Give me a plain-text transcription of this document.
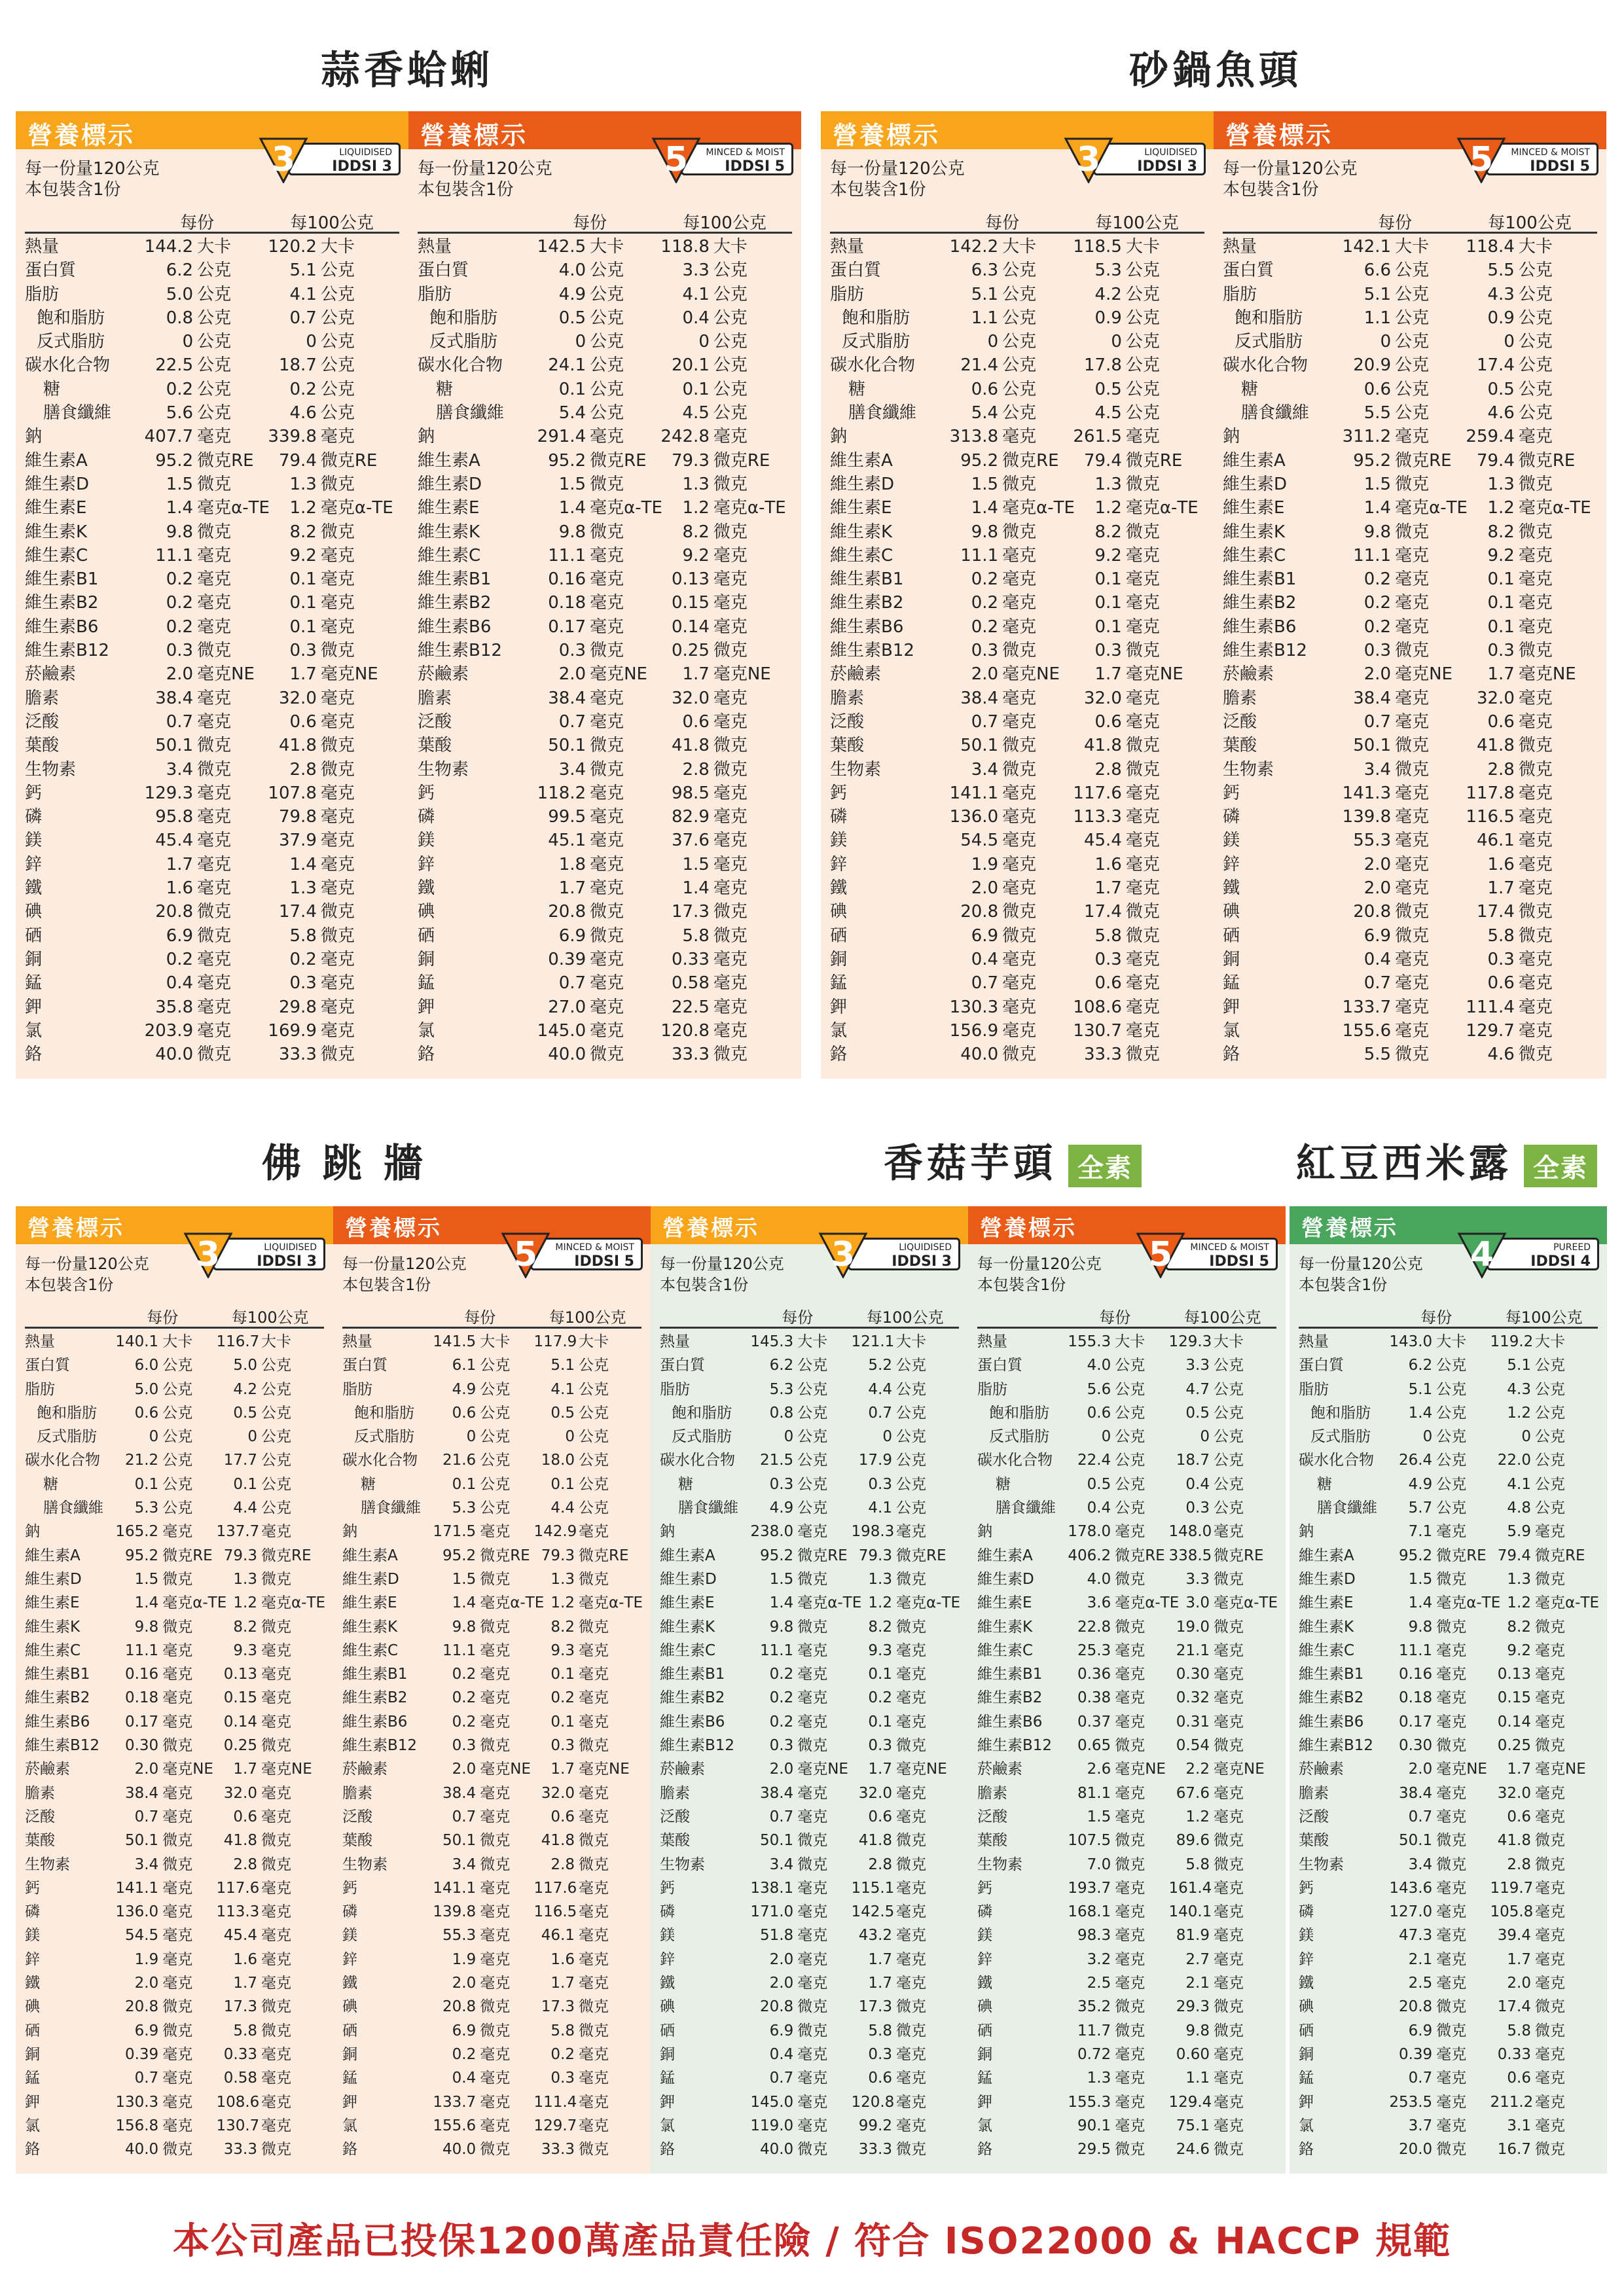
蒜香蛤蜊	砂鍋魚頭
佛 跳 牆	香菇芋頭 全素	紅豆西米露 全素
營養標示
LIQUIDISED
IDDSI 3
3
每一份量120公克
本包裝含1份
每份	每100公克
熱量	144.2 大卡	120.2 大卡
蛋白質	6.2 公克	5.1 公克
脂肪	5.0 公克	4.1 公克
飽和脂肪	0.8 公克	0.7 公克
反式脂肪	0 公克	0 公克
碳水化合物	22.5 公克	18.7 公克
糖	0.2 公克	0.2 公克
膳食纖維	5.6 公克	4.6 公克
鈉	407.7 毫克	339.8 毫克
維生素A	95.2 微克RE	79.4 微克RE
維生素D	1.5 微克	1.3 微克
維生素E	1.4 毫克α-TE	1.2 毫克α-TE
維生素K	9.8 微克	8.2 微克
維生素C	11.1 毫克	9.2 毫克
維生素B1	0.2 毫克	0.1 毫克
維生素B2	0.2 毫克	0.1 毫克
維生素B6	0.2 毫克	0.1 毫克
維生素B12	0.3 微克	0.3 微克
菸鹼素	2.0 毫克NE	1.7 毫克NE
膽素	38.4 毫克	32.0 毫克
泛酸	0.7 毫克	0.6 毫克
葉酸	50.1 微克	41.8 微克
生物素	3.4 微克	2.8 微克
鈣	129.3 毫克	107.8 毫克
磷	95.8 毫克	79.8 毫克
鎂	45.4 毫克	37.9 毫克
鋅	1.7 毫克	1.4 毫克
鐵	1.6 毫克	1.3 毫克
碘	20.8 微克	17.4 微克
硒	6.9 微克	5.8 微克
銅	0.2 毫克	0.2 毫克
錳	0.4 毫克	0.3 毫克
鉀	35.8 毫克	29.8 毫克
氯	203.9 毫克	169.9 毫克
鉻	40.0 微克	33.3 微克
營養標示
MINCED & MOIST
IDDSI 5
5
每一份量120公克
本包裝含1份
每份	每100公克
熱量	142.5 大卡	118.8 大卡
蛋白質	4.0 公克	3.3 公克
脂肪	4.9 公克	4.1 公克
飽和脂肪	0.5 公克	0.4 公克
反式脂肪	0 公克	0 公克
碳水化合物	24.1 公克	20.1 公克
糖	0.1 公克	0.1 公克
膳食纖維	5.4 公克	4.5 公克
鈉	291.4 毫克	242.8 毫克
維生素A	95.2 微克RE	79.3 微克RE
維生素D	1.5 微克	1.3 微克
維生素E	1.4 毫克α-TE	1.2 毫克α-TE
維生素K	9.8 微克	8.2 微克
維生素C	11.1 毫克	9.2 毫克
維生素B1	0.16 毫克	0.13 毫克
維生素B2	0.18 毫克	0.15 毫克
維生素B6	0.17 毫克	0.14 毫克
維生素B12	0.3 微克	0.25 微克
菸鹼素	2.0 毫克NE	1.7 毫克NE
膽素	38.4 毫克	32.0 毫克
泛酸	0.7 毫克	0.6 毫克
葉酸	50.1 微克	41.8 微克
生物素	3.4 微克	2.8 微克
鈣	118.2 毫克	98.5 毫克
磷	99.5 毫克	82.9 毫克
鎂	45.1 毫克	37.6 毫克
鋅	1.8 毫克	1.5 毫克
鐵	1.7 毫克	1.4 毫克
碘	20.8 微克	17.3 微克
硒	6.9 微克	5.8 微克
銅	0.39 毫克	0.33 毫克
錳	0.7 毫克	0.58 毫克
鉀	27.0 毫克	22.5 毫克
氯	145.0 毫克	120.8 毫克
鉻	40.0 微克	33.3 微克
營養標示
LIQUIDISED
IDDSI 3
3
每一份量120公克
本包裝含1份
每份	每100公克
熱量	142.2 大卡	118.5 大卡
蛋白質	6.3 公克	5.3 公克
脂肪	5.1 公克	4.2 公克
飽和脂肪	1.1 公克	0.9 公克
反式脂肪	0 公克	0 公克
碳水化合物	21.4 公克	17.8 公克
糖	0.6 公克	0.5 公克
膳食纖維	5.4 公克	4.5 公克
鈉	313.8 毫克	261.5 毫克
維生素A	95.2 微克RE	79.4 微克RE
維生素D	1.5 微克	1.3 微克
維生素E	1.4 毫克α-TE	1.2 毫克α-TE
維生素K	9.8 微克	8.2 微克
維生素C	11.1 毫克	9.2 毫克
維生素B1	0.2 毫克	0.1 毫克
維生素B2	0.2 毫克	0.1 毫克
維生素B6	0.2 毫克	0.1 毫克
維生素B12	0.3 微克	0.3 微克
菸鹼素	2.0 毫克NE	1.7 毫克NE
膽素	38.4 毫克	32.0 毫克
泛酸	0.7 毫克	0.6 毫克
葉酸	50.1 微克	41.8 微克
生物素	3.4 微克	2.8 微克
鈣	141.1 毫克	117.6 毫克
磷	136.0 毫克	113.3 毫克
鎂	54.5 毫克	45.4 毫克
鋅	1.9 毫克	1.6 毫克
鐵	2.0 毫克	1.7 毫克
碘	20.8 微克	17.4 微克
硒	6.9 微克	5.8 微克
銅	0.4 毫克	0.3 毫克
錳	0.7 毫克	0.6 毫克
鉀	130.3 毫克	108.6 毫克
氯	156.9 毫克	130.7 毫克
鉻	40.0 微克	33.3 微克
營養標示
MINCED & MOIST
IDDSI 5
5
每一份量120公克
本包裝含1份
每份	每100公克
熱量	142.1 大卡	118.4 大卡
蛋白質	6.6 公克	5.5 公克
脂肪	5.1 公克	4.3 公克
飽和脂肪	1.1 公克	0.9 公克
反式脂肪	0 公克	0 公克
碳水化合物	20.9 公克	17.4 公克
糖	0.6 公克	0.5 公克
膳食纖維	5.5 公克	4.6 公克
鈉	311.2 毫克	259.4 毫克
維生素A	95.2 微克RE	79.4 微克RE
維生素D	1.5 微克	1.3 微克
維生素E	1.4 毫克α-TE	1.2 毫克α-TE
維生素K	9.8 微克	8.2 微克
維生素C	11.1 毫克	9.2 毫克
維生素B1	0.2 毫克	0.1 毫克
維生素B2	0.2 毫克	0.1 毫克
維生素B6	0.2 毫克	0.1 毫克
維生素B12	0.3 微克	0.3 微克
菸鹼素	2.0 毫克NE	1.7 毫克NE
膽素	38.4 毫克	32.0 毫克
泛酸	0.7 毫克	0.6 毫克
葉酸	50.1 微克	41.8 微克
生物素	3.4 微克	2.8 微克
鈣	141.3 毫克	117.8 毫克
磷	139.8 毫克	116.5 毫克
鎂	55.3 毫克	46.1 毫克
鋅	2.0 毫克	1.6 毫克
鐵	2.0 毫克	1.7 毫克
碘	20.8 微克	17.4 微克
硒	6.9 微克	5.8 微克
銅	0.4 毫克	0.3 毫克
錳	0.7 毫克	0.6 毫克
鉀	133.7 毫克	111.4 毫克
氯	155.6 毫克	129.7 毫克
鉻	5.5 微克	4.6 微克
營養標示
LIQUIDISED
IDDSI 3
3
每一份量120公克
本包裝含1份
每份	每100公克
熱量	140.1 大卡	116.7 大卡
蛋白質	6.0 公克	5.0 公克
脂肪	5.0 公克	4.2 公克
飽和脂肪	0.6 公克	0.5 公克
反式脂肪	0 公克	0 公克
碳水化合物	21.2 公克	17.7 公克
糖	0.1 公克	0.1 公克
膳食纖維	5.3 公克	4.4 公克
鈉	165.2 毫克	137.7 毫克
維生素A	95.2 微克RE 79.3 微克RE
維生素D	1.5 微克	1.3 微克
維生素E	1.4 毫克α-TE 1.2 毫克α-TE
維生素K	9.8 微克	8.2 微克
維生素C	11.1 毫克	9.3 毫克
維生素B1	0.16 毫克	0.13 毫克
維生素B2	0.18 毫克	0.15 毫克
維生素B6	0.17 毫克	0.14 毫克
維生素B12	0.30 微克	0.25 微克
菸鹼素	2.0 毫克NE	1.7 毫克NE
膽素	38.4 毫克	32.0 毫克
泛酸	0.7 毫克	0.6 毫克
葉酸	50.1 微克	41.8 微克
生物素	3.4 微克	2.8 微克
鈣	141.1 毫克	117.6 毫克
磷	136.0 毫克	113.3 毫克
鎂	54.5 毫克	45.4 毫克
鋅	1.9 毫克	1.6 毫克
鐵	2.0 毫克	1.7 毫克
碘	20.8 微克	17.3 微克
硒	6.9 微克	5.8 微克
銅	0.39 毫克	0.33 毫克
錳	0.7 毫克	0.58 毫克
鉀	130.3 毫克	108.6 毫克
氯	156.8 毫克	130.7 毫克
鉻	40.0 微克	33.3 微克
營養標示
MINCED & MOIST
IDDSI 5
5
每一份量120公克
本包裝含1份
每份	每100公克
熱量	141.5 大卡	117.9 大卡
蛋白質	6.1 公克	5.1 公克
脂肪	4.9 公克	4.1 公克
飽和脂肪	0.6 公克	0.5 公克
反式脂肪	0 公克	0 公克
碳水化合物	21.6 公克	18.0 公克
糖	0.1 公克	0.1 公克
膳食纖維	5.3 公克	4.4 公克
鈉	171.5 毫克	142.9 毫克
維生素A	95.2 微克RE 79.3 微克RE
維生素D	1.5 微克	1.3 微克
維生素E	1.4 毫克α-TE 1.2 毫克α-TE
維生素K	9.8 微克	8.2 微克
維生素C	11.1 毫克	9.3 毫克
維生素B1	0.2 毫克	0.1 毫克
維生素B2	0.2 毫克	0.2 毫克
維生素B6	0.2 毫克	0.1 毫克
維生素B12	0.3 微克	0.3 微克
菸鹼素	2.0 毫克NE	1.7 毫克NE
膽素	38.4 毫克	32.0 毫克
泛酸	0.7 毫克	0.6 毫克
葉酸	50.1 微克	41.8 微克
生物素	3.4 微克	2.8 微克
鈣	141.1 毫克	117.6 毫克
磷	139.8 毫克	116.5 毫克
鎂	55.3 毫克	46.1 毫克
鋅	1.9 毫克	1.6 毫克
鐵	2.0 毫克	1.7 毫克
碘	20.8 微克	17.3 微克
硒	6.9 微克	5.8 微克
銅	0.2 毫克	0.2 毫克
錳	0.4 毫克	0.3 毫克
鉀	133.7 毫克	111.4 毫克
氯	155.6 毫克	129.7 毫克
鉻	40.0 微克	33.3 微克
營養標示
LIQUIDISED
IDDSI 3
3
每一份量120公克
本包裝含1份
每份	每100公克
熱量	145.3 大卡	121.1 大卡
蛋白質	6.2 公克	5.2 公克
脂肪	5.3 公克	4.4 公克
飽和脂肪	0.8 公克	0.7 公克
反式脂肪	0 公克	0 公克
碳水化合物	21.5 公克	17.9 公克
糖	0.3 公克	0.3 公克
膳食纖維	4.9 公克	4.1 公克
鈉	238.0 毫克	198.3 毫克
維生素A	95.2 微克RE 79.3 微克RE
維生素D	1.5 微克	1.3 微克
維生素E	1.4 毫克α-TE 1.2 毫克α-TE
維生素K	9.8 微克	8.2 微克
維生素C	11.1 毫克	9.3 毫克
維生素B1	0.2 毫克	0.1 毫克
維生素B2	0.2 毫克	0.2 毫克
維生素B6	0.2 毫克	0.1 毫克
維生素B12	0.3 微克	0.3 微克
菸鹼素	2.0 毫克NE	1.7 毫克NE
膽素	38.4 毫克	32.0 毫克
泛酸	0.7 毫克	0.6 毫克
葉酸	50.1 微克	41.8 微克
生物素	3.4 微克	2.8 微克
鈣	138.1 毫克	115.1 毫克
磷	171.0 毫克	142.5 毫克
鎂	51.8 毫克	43.2 毫克
鋅	2.0 毫克	1.7 毫克
鐵	2.0 毫克	1.7 毫克
碘	20.8 微克	17.3 微克
硒	6.9 微克	5.8 微克
銅	0.4 毫克	0.3 毫克
錳	0.7 毫克	0.6 毫克
鉀	145.0 毫克	120.8 毫克
氯	119.0 毫克	99.2 毫克
鉻	40.0 微克	33.3 微克
營養標示
MINCED & MOIST
IDDSI 5
5
每一份量120公克
本包裝含1份
每份	每100公克
熱量	155.3 大卡	129.3 大卡
蛋白質	4.0 公克	3.3 公克
脂肪	5.6 公克	4.7 公克
飽和脂肪	0.6 公克	0.5 公克
反式脂肪	0 公克	0 公克
碳水化合物	22.4 公克	18.7 公克
糖	0.5 公克	0.4 公克
膳食纖維	0.4 公克	0.3 公克
鈉	178.0 毫克	148.0 毫克
維生素A	406.2 微克RE 338.5 微克RE
維生素D	4.0 微克	3.3 微克
維生素E	3.6 毫克α-TE 3.0 毫克α-TE
維生素K	22.8 微克	19.0 微克
維生素C	25.3 毫克	21.1 毫克
維生素B1	0.36 毫克	0.30 毫克
維生素B2	0.38 毫克	0.32 毫克
維生素B6	0.37 毫克	0.31 毫克
維生素B12	0.65 微克	0.54 微克
菸鹼素	2.6 毫克NE	2.2 毫克NE
膽素	81.1 毫克	67.6 毫克
泛酸	1.5 毫克	1.2 毫克
葉酸	107.5 微克	89.6 微克
生物素	7.0 微克	5.8 微克
鈣	193.7 毫克	161.4 毫克
磷	168.1 毫克	140.1 毫克
鎂	98.3 毫克	81.9 毫克
鋅	3.2 毫克	2.7 毫克
鐵	2.5 毫克	2.1 毫克
碘	35.2 微克	29.3 微克
硒	11.7 微克	9.8 微克
銅	0.72 毫克	0.60 毫克
錳	1.3 毫克	1.1 毫克
鉀	155.3 毫克	129.4 毫克
氯	90.1 毫克	75.1 毫克
鉻	29.5 微克	24.6 微克
營養標示
PUREED
IDDSI 4
4
每一份量120公克
本包裝含1份
每份	每100公克
熱量	143.0 大卡	119.2 大卡
蛋白質	6.2 公克	5.1 公克
脂肪	5.1 公克	4.3 公克
飽和脂肪	1.4 公克	1.2 公克
反式脂肪	0 公克	0 公克
碳水化合物	26.4 公克	22.0 公克
糖	4.9 公克	4.1 公克
膳食纖維	5.7 公克	4.8 公克
鈉	7.1 毫克	5.9 毫克
維生素A	95.2 微克RE 79.4 微克RE
維生素D	1.5 微克	1.3 微克
維生素E	1.4 毫克α-TE 1.2 毫克α-TE
維生素K	9.8 微克	8.2 微克
維生素C	11.1 毫克	9.2 毫克
維生素B1	0.16 毫克	0.13 毫克
維生素B2	0.18 毫克	0.15 毫克
維生素B6	0.17 毫克	0.14 毫克
維生素B12	0.30 微克	0.25 微克
菸鹼素	2.0 毫克NE	1.7 毫克NE
膽素	38.4 毫克	32.0 毫克
泛酸	0.7 毫克	0.6 毫克
葉酸	50.1 微克	41.8 微克
生物素	3.4 微克	2.8 微克
鈣	143.6 毫克	119.7 毫克
磷	127.0 毫克	105.8 毫克
鎂	47.3 毫克	39.4 毫克
鋅	2.1 毫克	1.7 毫克
鐵	2.5 毫克	2.0 毫克
碘	20.8 微克	17.4 微克
硒	6.9 微克	5.8 微克
銅	0.39 毫克	0.33 毫克
錳	0.7 毫克	0.6 毫克
鉀	253.5 毫克	211.2 毫克
氯	3.7 毫克	3.1 毫克
鉻	20.0 微克	16.7 微克
本公司產品已投保1200萬產品責任險 / 符合 ISO22000 & HACCP 規範
